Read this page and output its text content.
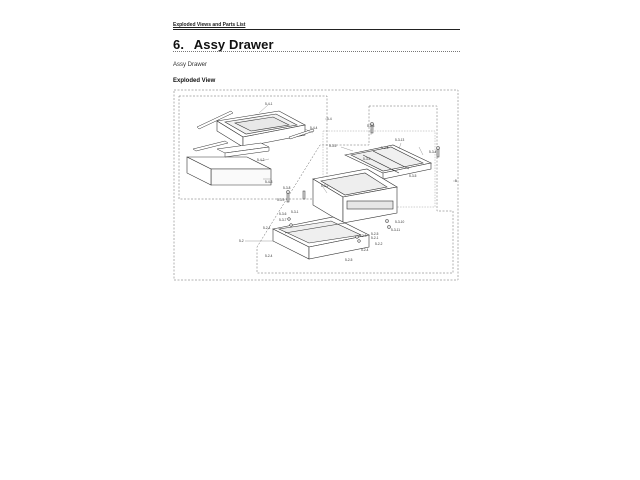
Exploded Views and Parts List
6. Assy Drawer
Assy Drawer
Exploded View
5-4-1
5-4-4
5-4
5-4-2
5-4-3
5-3-3
5-3-13
5-3-5	5-3-5
5-3-5
5-3-5
5-3-4
5-3-2
5-3-8
5-3-9
5-3-1
5-3-6
5-3-7
5-2-4
5-2-4
5-2-4
5-2-3 5-2-1
5-2-2
5-2
5-3-10
5-3-11
5-2-5
5-2-5
5
